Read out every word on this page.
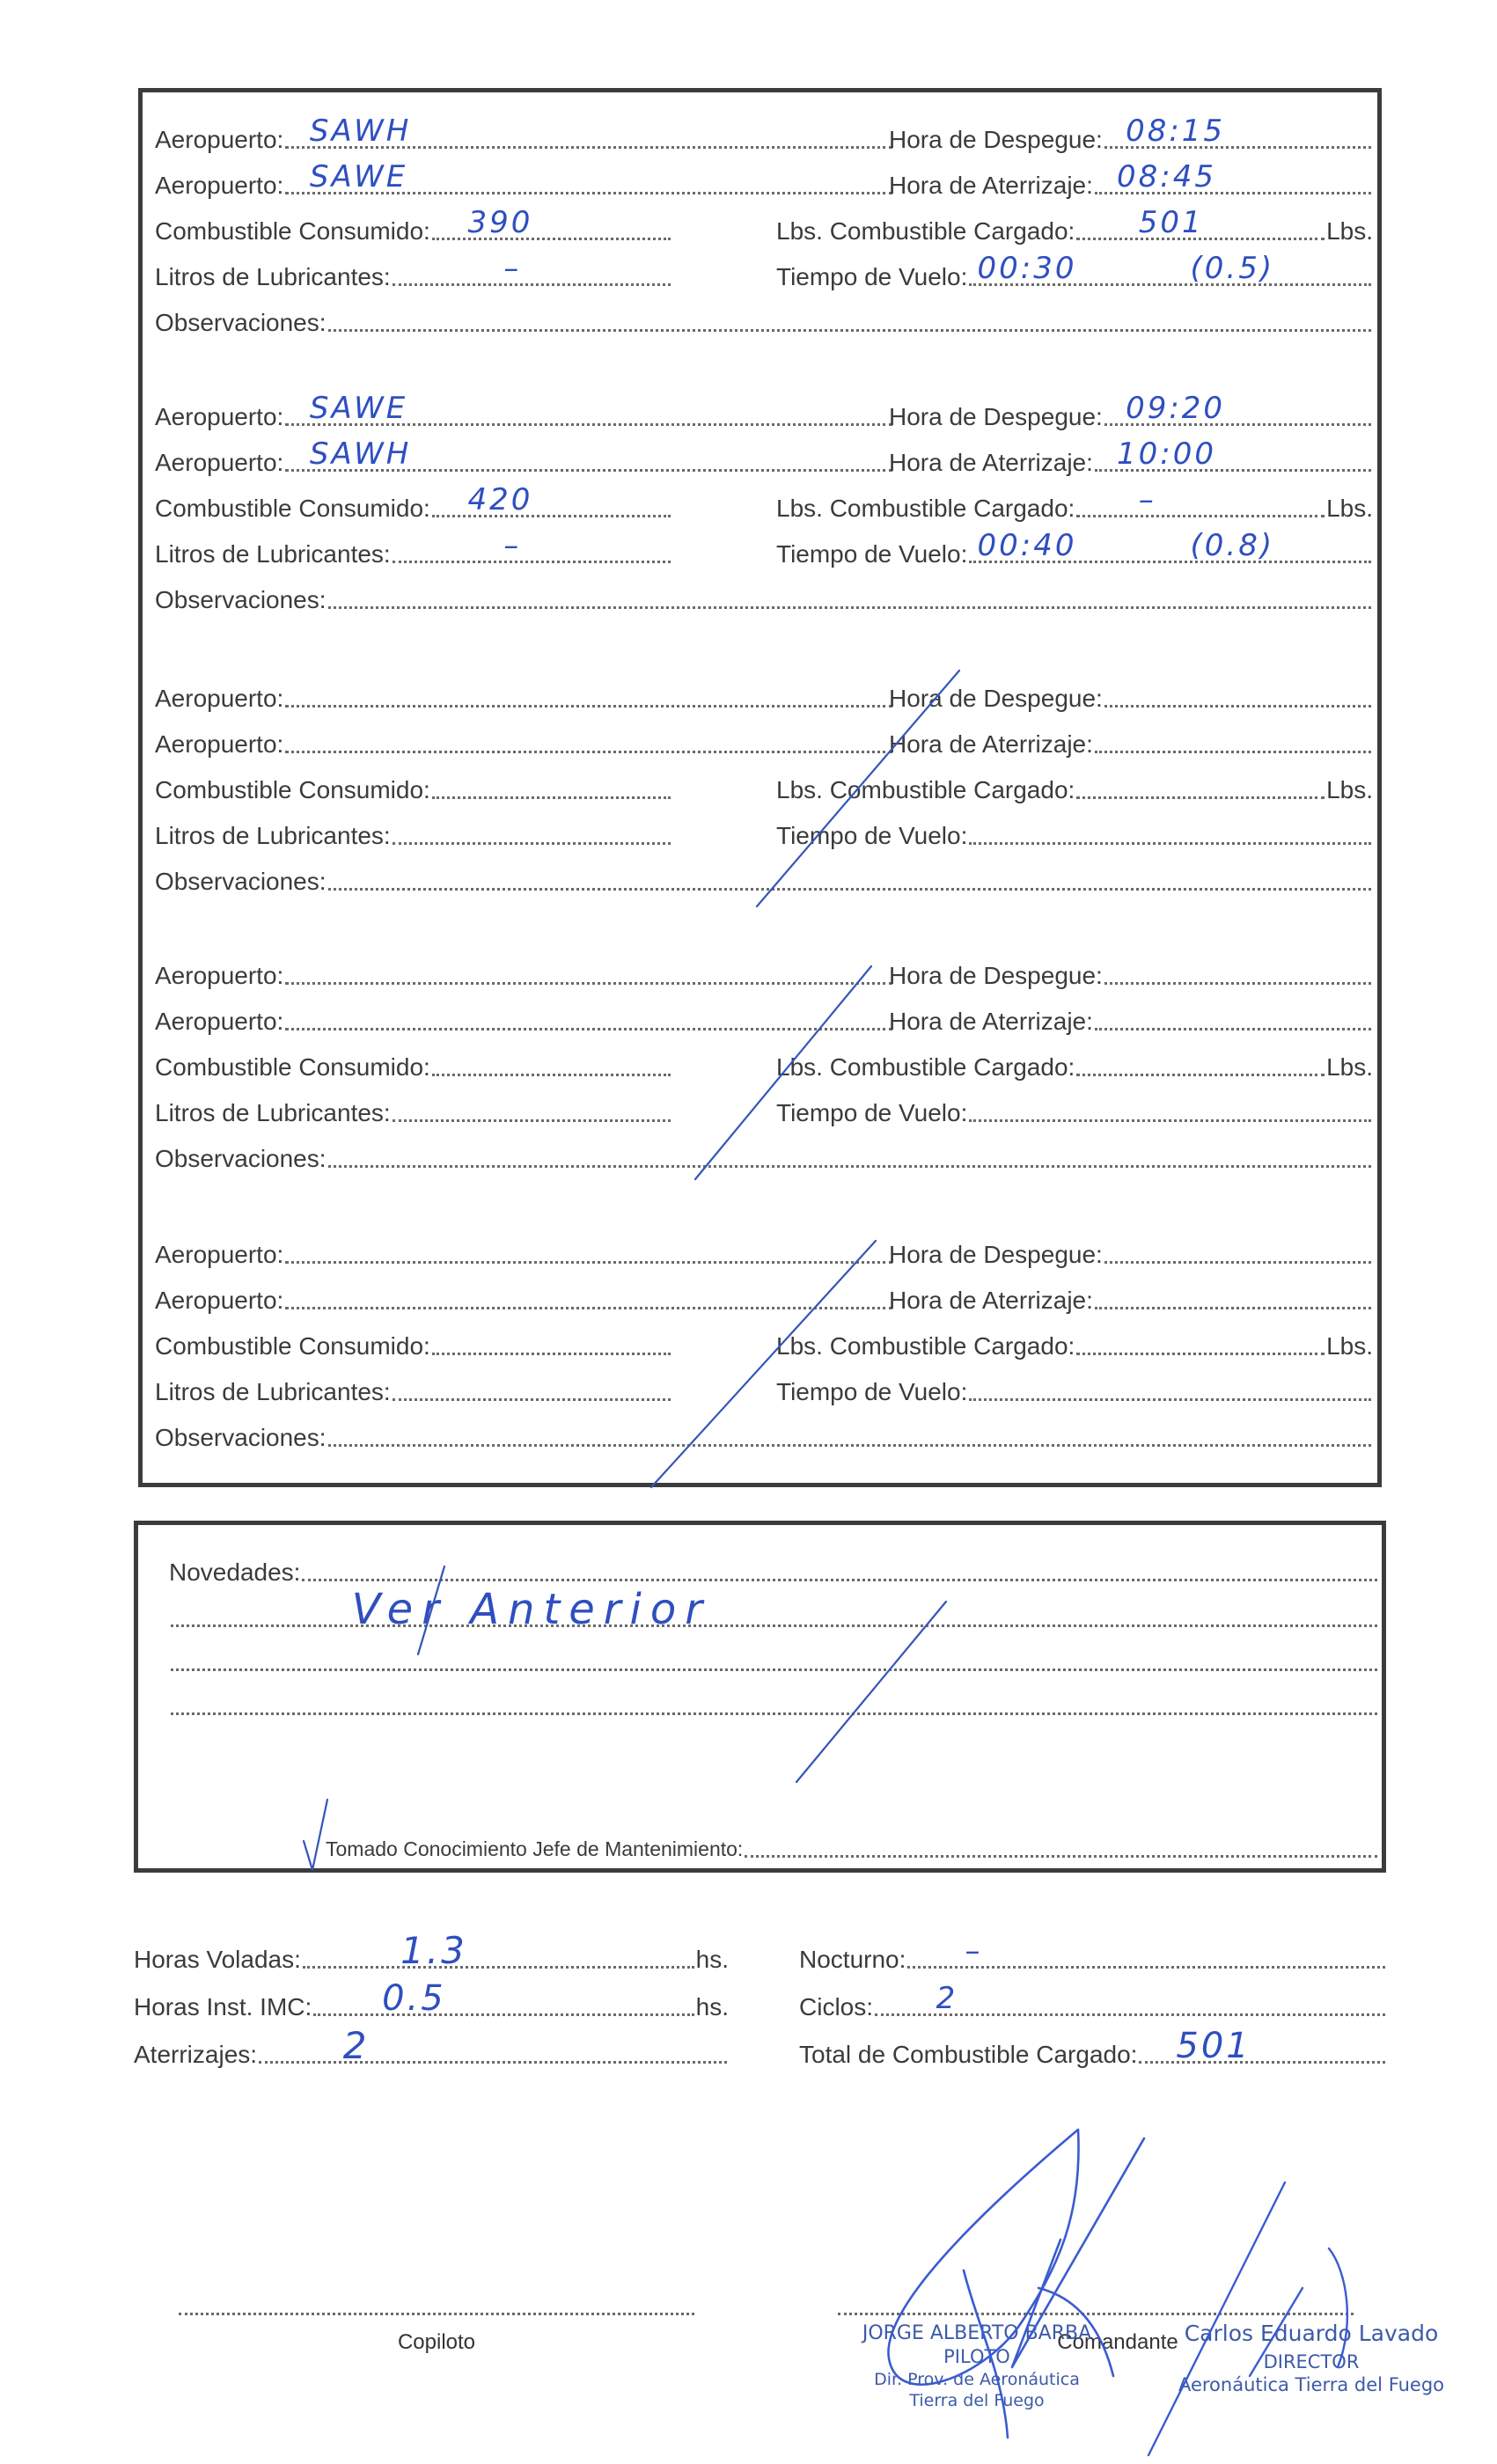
Aeropuerto: SAWH	Hora de Despegue: 08:15
Aeropuerto: SAWE	Hora de Aterrizaje: 08:45
Combustible Consumido: 390	Lbs. Combustible Cargado: 501	Lbs.
Litros de Lubricantes:	–	Tiempo de Vuelo: 00:30	(0.5)
Observaciones:
Aeropuerto: SAWE	Hora de Despegue: 09:20
Aeropuerto: SAWH	Hora de Aterrizaje: 10:00
Combustible Consumido: 420	Lbs. Combustible Cargado: –	Lbs.
Litros de Lubricantes:	–	Tiempo de Vuelo: 00:40	(0.8)
Observaciones:
Aeropuerto:	Hora de Despegue:
Aeropuerto:	Hora de Aterrizaje:
Combustible Consumido:	Lbs. Combustible Cargado:	Lbs.
Litros de Lubricantes:	Tiempo de Vuelo:
Observaciones:
Aeropuerto:	Hora de Despegue:
Aeropuerto:	Hora de Aterrizaje:
Combustible Consumido:	Lbs. Combustible Cargado:	Lbs.
Litros de Lubricantes:	Tiempo de Vuelo:
Observaciones:
Aeropuerto:	Hora de Despegue:
Aeropuerto:	Hora de Aterrizaje:
Combustible Consumido:	Lbs. Combustible Cargado:	Lbs.
Litros de Lubricantes:	Tiempo de Vuelo:
Observaciones:
Novedades:
Ver Anterior
Tomado Conocimiento Jefe de Mantenimiento:
Horas Voladas:	1.3	hs.
Horas Inst. IMC: 0.5	hs.
Aterrizajes: 2
Nocturno: –
Ciclos: 2
Total de Combustible Cargado: 501
Copiloto	Comandante
JORGE ALBERTO BARBA
PILOTO
Dir. Prov. de Aeronáutica
Tierra del Fuego
Carlos Eduardo Lavado
DIRECTOR
Aeronáutica Tierra del Fuego
